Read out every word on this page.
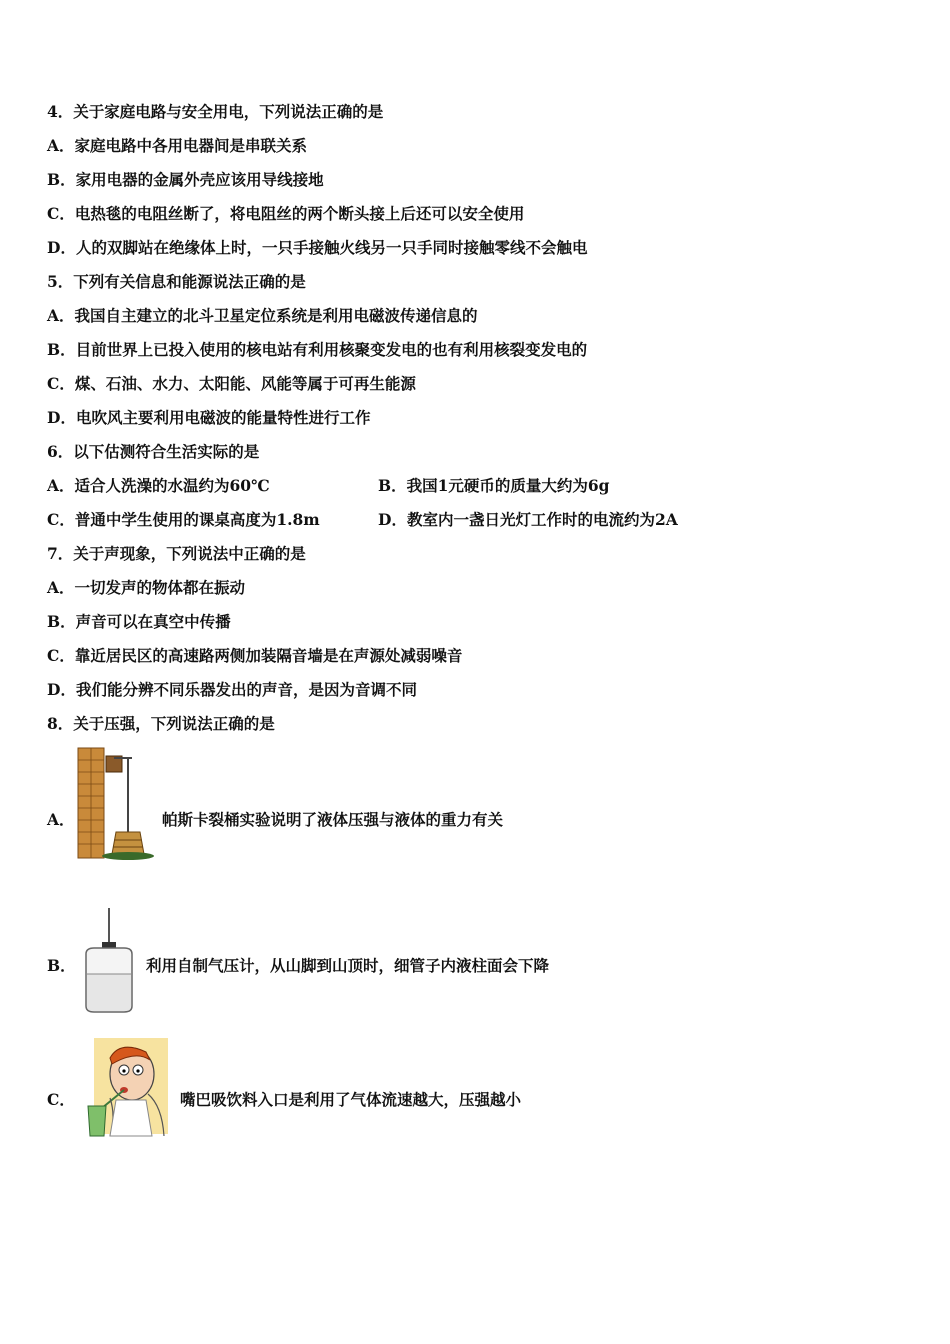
4．关于家庭电路与安全用电，下列说法正确的是
A．家庭电路中各用电器间是串联关系
B．家用电器的金属外壳应该用导线接地
C．电热毯的电阻丝断了，将电阻丝的两个断头接上后还可以安全使用
D．人的双脚站在绝缘体上时，一只手接触火线另一只手同时接触零线不会触电
5．下列有关信息和能源说法正确的是
A．我国自主建立的北斗卫星定位系统是利用电磁波传递信息的
B．目前世界上已投入使用的核电站有利用核聚变发电的也有利用核裂变发电的
C．煤、石油、水力、太阳能、风能等属于可再生能源
D．电吹风主要利用电磁波的能量特性进行工作
6．以下估测符合生活实际的是
A．适合人洗澡的水温约为60℃	B．我国1元硬币的质量大约为6g
C．普通中学生使用的课桌高度为1.8m	D．教室内一盏日光灯工作时的电流约为2A
7．关于声现象，下列说法中正确的是
A．一切发声的物体都在振动
B．声音可以在真空中传播
C．靠近居民区的高速路两侧加装隔音墙是在声源处减弱噪音
D．我们能分辨不同乐器发出的声音，是因为音调不同
8．关于压强，下列说法正确的是
A．	帕斯卡裂桶实验说明了液体压强与液体的重力有关
B．	利用自制气压计，从山脚到山顶时，细管子内液柱面会下降
C．	嘴巴吸饮料入口是利用了气体流速越大，压强越小
